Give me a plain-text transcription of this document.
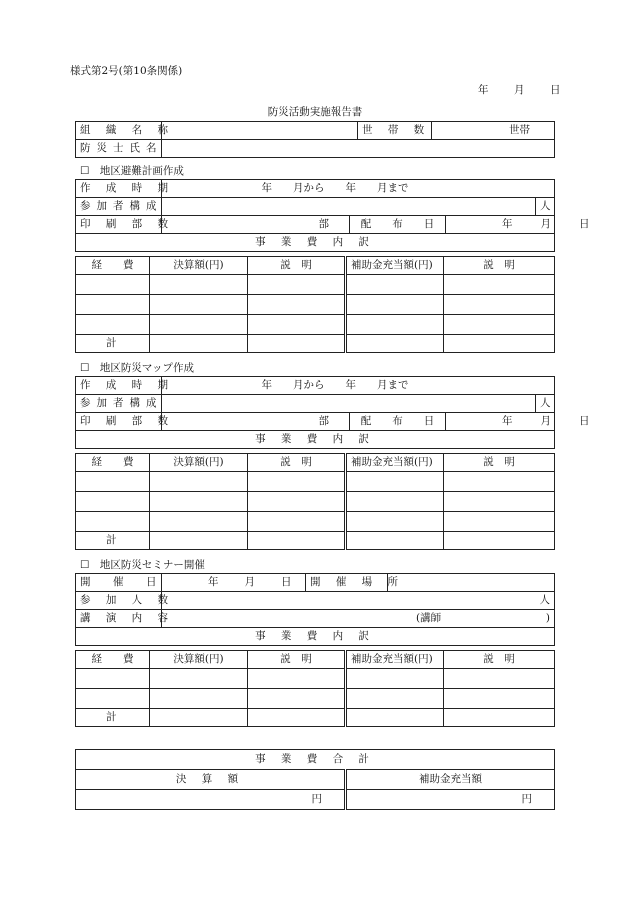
様式第2号(第10条関係)
年 月 日
防災活動実施報告書
組 織 名 称		世 帯 数	世帯
防災士氏名			
☐　 地区避難計画作成
作 成 時 期	年　　月から　　年　　月まで			
参加者構成				人
印 刷 部 数	部	配　　布　　日	年 月 日	
事 業 費 内 訳				
経　　費	決算額(円)	説　明	補助金充当額(円)	説　明

計				
☐　 地区防災マップ作成
作 成 時 期	年　　月から　　年　　月まで			
参加者構成				人
印 刷 部 数	部	配　　布　　日	年 月 日	
事 業 費 内 訳				
経　　費	決算額(円)	説　明	補助金充当額(円)	説　明

計				
☐　 地区防災セミナー開催
開　催　日	年 月 日	開 催 場 所	
参 加 人 数	人		
講 演 内 容	(講師 )		

事 業 費 内 訳			
経　　費	決算額(円)	説　明	補助金充当額(円)	説　明

計				
事 業 費 合 計	
決 算 額	補助金充当額
円	円
